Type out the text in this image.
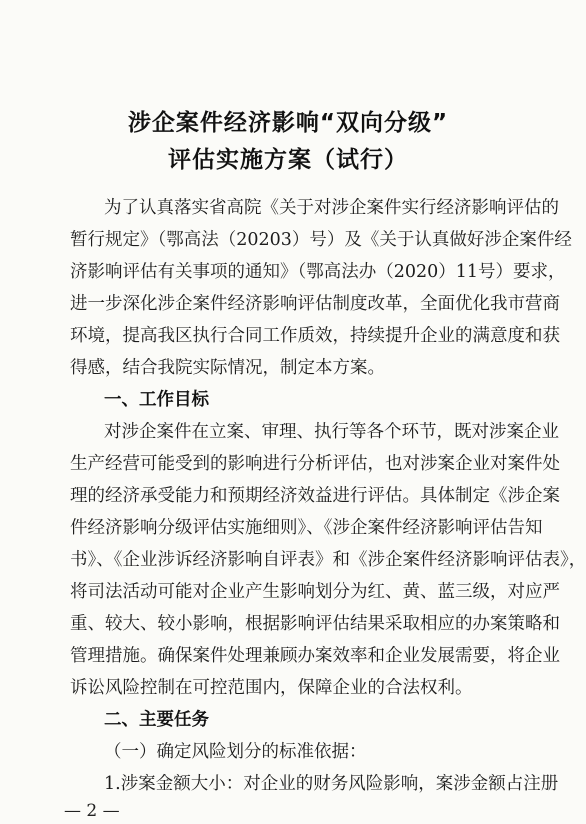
涉企案件经济影响“双向分级”
评估实施方案（试行）
为了认真落实省高院《关于对涉企案件实行经济影响评估的
暂行规定》（鄂高法（20203）号）及《关于认真做好涉企案件经
济影响评估有关事项的通知》（鄂高法办（2020）11号）要求，
进一步深化涉企案件经济影响评估制度改革，全面优化我市营商
环境，提高我区执行合同工作质效，持续提升企业的满意度和获
得感，结合我院实际情况，制定本方案。
一、工作目标
对涉企案件在立案、审理、执行等各个环节，既对涉案企业
生产经营可能受到的影响进行分析评估，也对涉案企业对案件处
理的经济承受能力和预期经济效益进行评估。具体制定《涉企案
件经济影响分级评估实施细则》、《涉企案件经济影响评估告知
书》、《企业涉诉经济影响自评表》和《涉企案件经济影响评估表》，
将司法活动可能对企业产生影响划分为红、黄、蓝三级，对应严
重、较大、较小影响，根据影响评估结果采取相应的办案策略和
管理措施。确保案件处理兼顾办案效率和企业发展需要，将企业
诉讼风险控制在可控范围内，保障企业的合法权利。
二、主要任务
（一）确定风险划分的标准依据：
1.涉案金额大小：对企业的财务风险影响，案涉金额占注册
— 2 —
